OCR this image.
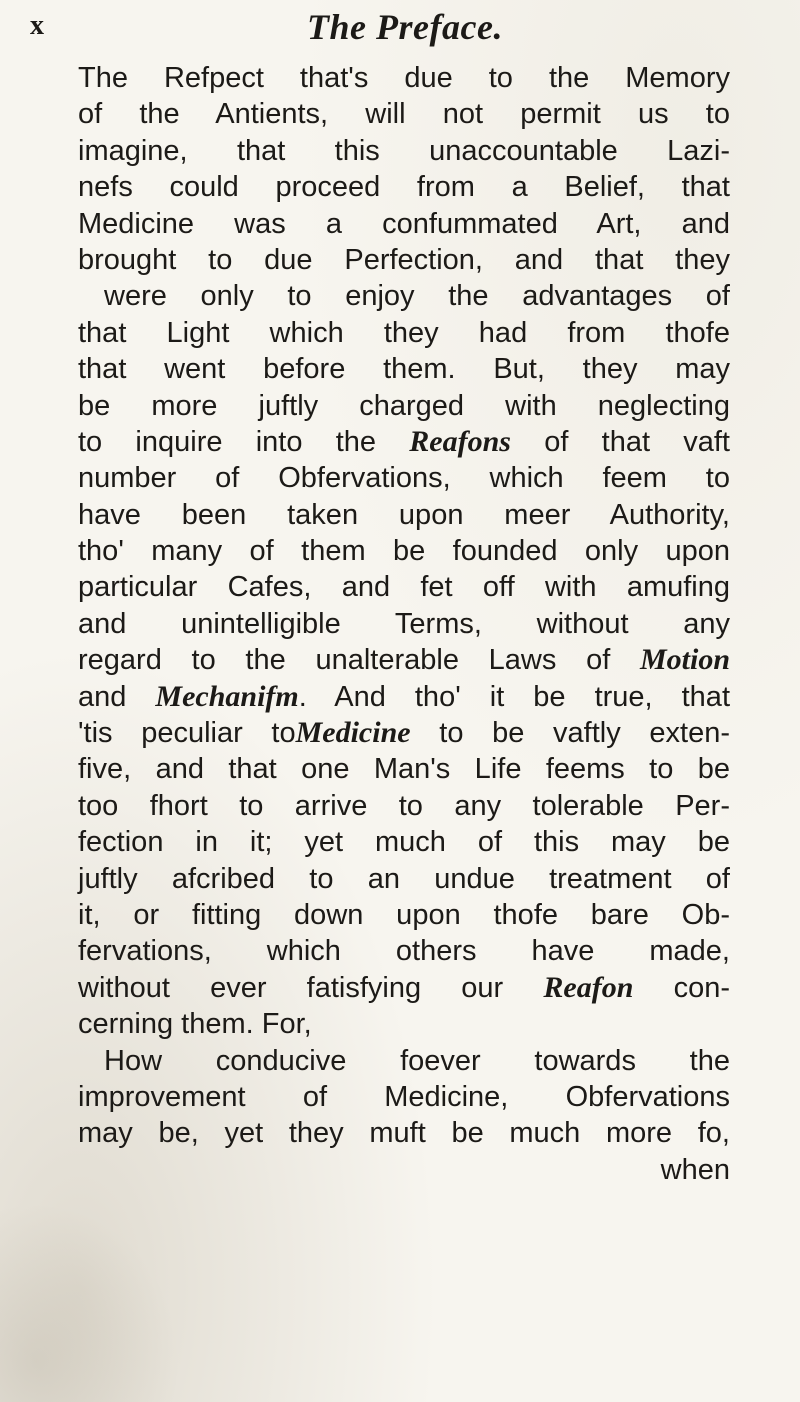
x	The Preface.
The Refpect that's due to the Memory
of the Antients, will not permit us to
imagine, that this unaccountable Lazi-
nefs could proceed from a Belief, that
Medicine was a confummated Art, and
brought to due Perfection, and that they
were only to enjoy the advantages of
that Light which they had from thofe
that went before them. But, they may
be more juftly charged with neglecting
to inquire into the Reafons of that vaft
number of Obfervations, which feem to
have been taken upon meer Authority,
tho' many of them be founded only upon
particular Cafes, and fet off with amufing
and unintelligible Terms, without any
regard to the unalterable Laws of Motion
and Mechanifm. And tho' it be true, that
'tis peculiar toMedicine to be vaftly exten-
five, and that one Man's Life feems to be
too fhort to arrive to any tolerable Per-
fection in it; yet much of this may be
juftly afcribed to an undue treatment of
it, or fitting down upon thofe bare Ob-
fervations, which others have made,
without ever fatisfying our Reafon con-
cerning them. For,
How conducive foever towards the
improvement of Medicine, Obfervations
may be, yet they muft be much more fo,
when
